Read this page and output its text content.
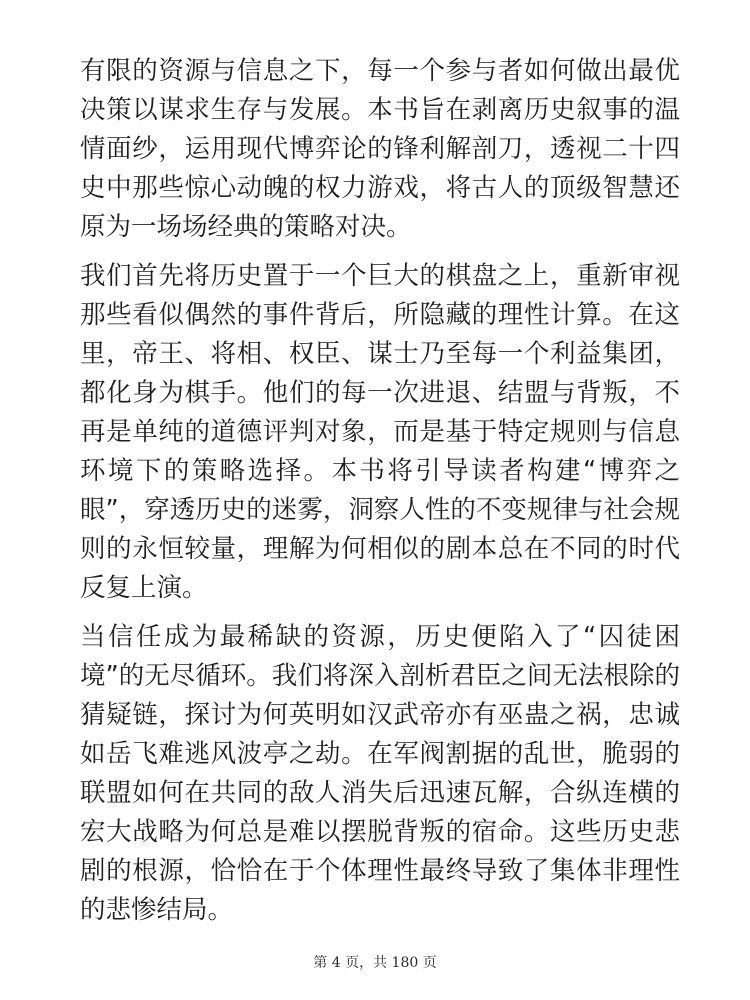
有限的资源与信息之下，每一个参与者如何做出最优决策以谋求生存与发展。本书旨在剥离历史叙事的温情面纱，运用现代博弈论的锋利解剖刀，透视二十四史中那些惊心动魄的权力游戏，将古人的顶级智慧还原为一场场经典的策略对决。

我们首先将历史置于一个巨大的棋盘之上，重新审视那些看似偶然的事件背后，所隐藏的理性计算。在这里，帝王、将相、权臣、谋士乃至每一个利益集团，都化身为棋手。他们的每一次进退、结盟与背叛，不再是单纯的道德评判对象，而是基于特定规则与信息环境下的策略选择。本书将引导读者构建“博弈之眼”，穿透历史的迷雾，洞察人性的不变规律与社会规则的永恒较量，理解为何相似的剧本总在不同的时代反复上演。

当信任成为最稀缺的资源，历史便陷入了“囚徒困境”的无尽循环。我们将深入剖析君臣之间无法根除的猜疑链，探讨为何英明如汉武帝亦有巫蛊之祸，忠诚如岳飞难逃风波亭之劫。在军阀割据的乱世，脆弱的联盟如何在共同的敌人消失后迅速瓦解，合纵连横的宏大战略为何总是难以摆脱背叛的宿命。这些历史悲剧的根源，恰恰在于个体理性最终导致了集体非理性的悲惨结局。

第 4 页，共 180 页
